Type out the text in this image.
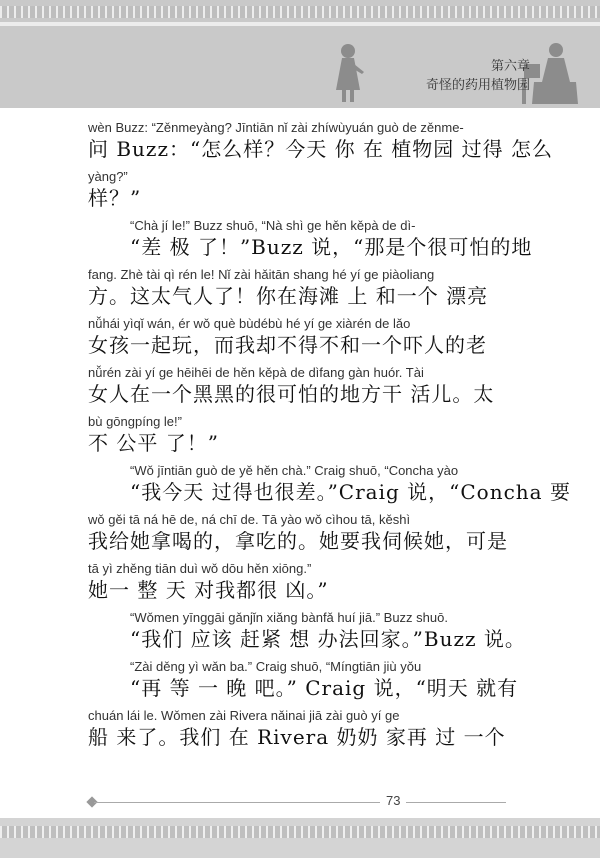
第六章
奇怪的药用植物园
wèn Buzz: “Zěnmeyàng? Jīntiān nǐ zài zhíwùyuán guò de zěnme-
问 Buzz：“怎么样？今天 你 在 植物园 过得 怎么
yàng?”
样？”
“Chà jí le!” Buzz shuō, “Nà shì ge hěn kěpà de dì-
“差 极 了！”Buzz 说，“那是个很可怕的地
fang. Zhè tài qì rén le! Nǐ zài hǎitān shang hé yí ge piàoliang
方。这太气人了！你在海滩 上 和一个 漂亮
nǚhái yìqǐ wán, ér wǒ què bùdébù hé yí ge xiàrén de lǎo
女孩一起玩，而我却不得不和一个吓人的老
nǚrén zài yí ge hēihēi de hěn kěpà de dìfang gàn huór. Tài
女人在一个黑黑的很可怕的地方干 活儿。太
bù gōngpíng le!”
不 公平 了！”
“Wǒ jīntiān guò de yě hěn chà.” Craig shuō, “Concha yào
“我今天 过得也很差。”Craig 说，“Concha 要
wǒ gěi tā ná hē de, ná chī de. Tā yào wǒ cìhou tā, kěshì
我给她拿喝的，拿吃的。她要我伺候她，可是
tā yì zhěng tiān duì wǒ dōu hěn xiōng.”
她一 整 天 对我都很 凶。”
“Wǒmen yīnggāi gǎnjǐn xiǎng bànfǎ huí jiā.” Buzz shuō.
“我们 应该 赶紧 想 办法回家。”Buzz 说。
“Zài děng yì wǎn ba.” Craig shuō, “Míngtiān jiù yǒu
“再 等 一 晚 吧。” Craig 说，“明天 就有
chuán lái le. Wǒmen zài Rivera nǎinai jiā zài guò yí ge
船 来了。我们 在 Rivera 奶奶 家再 过 一个
73
